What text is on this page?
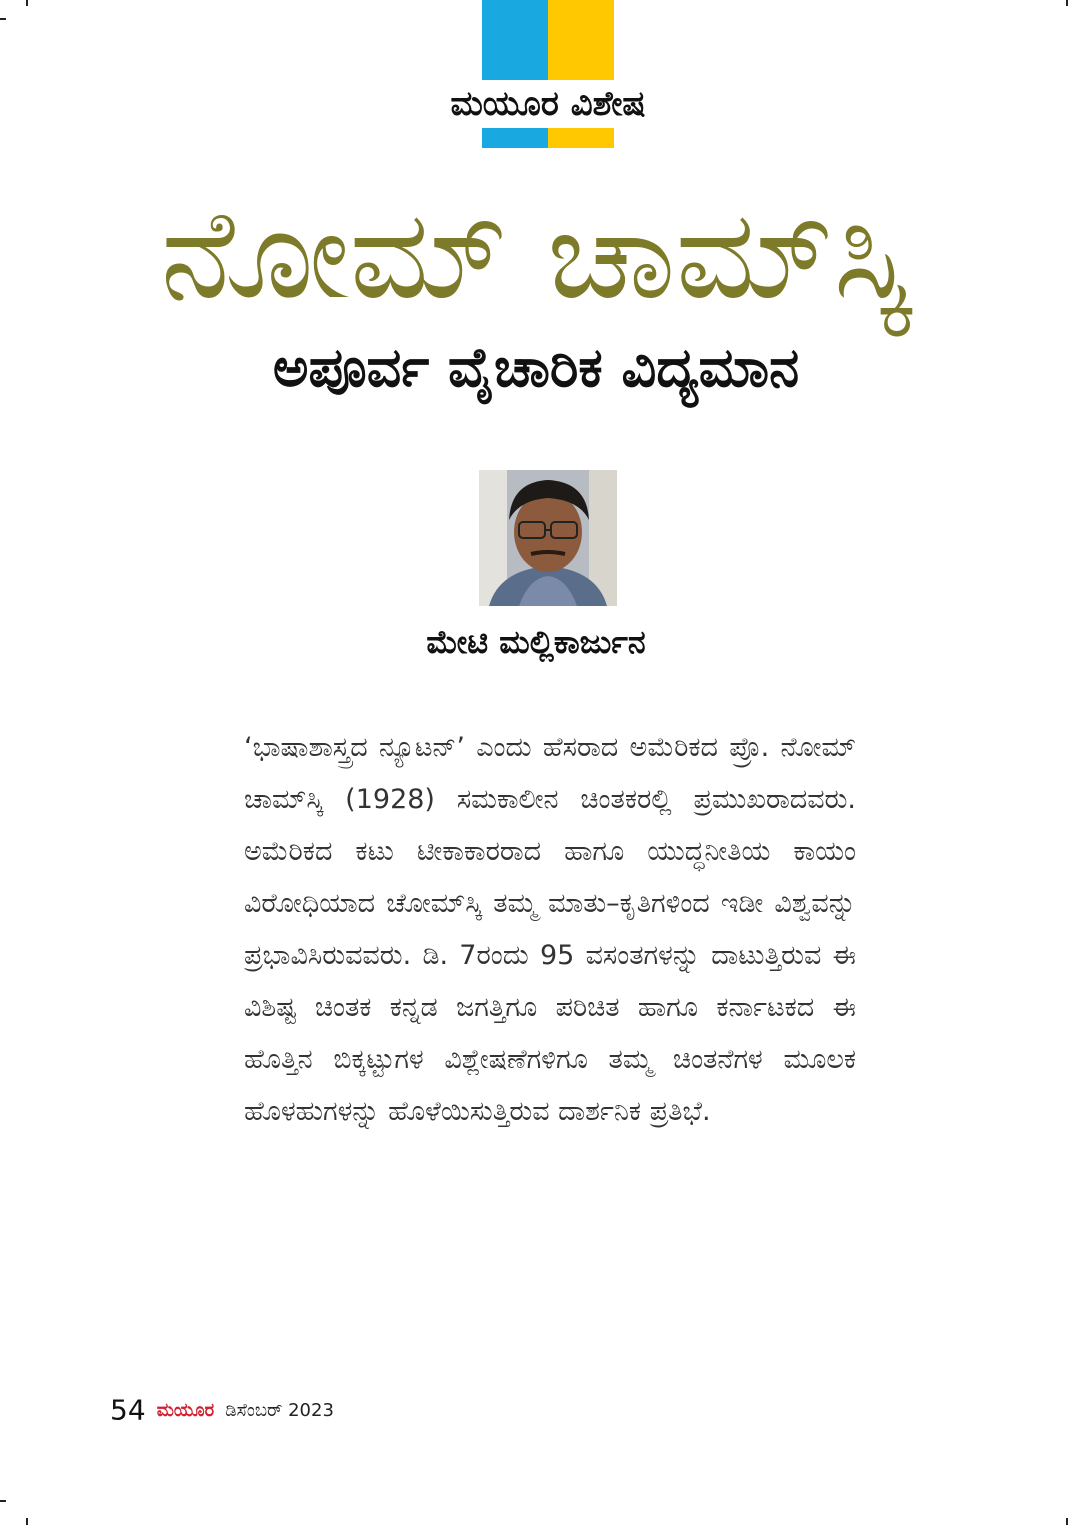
ಮಯೂರ ವಿಶೇಷ
ನೋಮ್ ಚಾಮ್‌ಸ್ಕಿ
ಅಪೂರ್ವ ವೈಚಾರಿಕ ವಿದ್ಯಮಾನ
ಮೇಟಿ ಮಲ್ಲಿಕಾರ್ಜುನ

‘ಭಾಷಾಶಾಸ್ತ್ರದ ನ್ಯೂಟನ್’ ಎಂದು ಹೆಸರಾದ ಅಮೆರಿಕದ ಪ್ರೊ. ನೋಮ್ ಚಾಮ್‌ಸ್ಕಿ (1928) ಸಮಕಾಲೀನ ಚಿಂತಕರಲ್ಲಿ ಪ್ರಮುಖರಾದವರು. ಅಮೆರಿಕದ ಕಟು ಟೀಕಾಕಾರರಾದ ಹಾಗೂ ಯುದ್ಧನೀತಿಯ ಕಾಯಂ ವಿರೋಧಿಯಾದ ಚೋಮ್‌ಸ್ಕಿ ತಮ್ಮ ಮಾತು–ಕೃತಿಗಳಿಂದ ಇಡೀ ವಿಶ್ವವನ್ನು ಪ್ರಭಾವಿಸಿರುವವರು. ಡಿ. 7ರಂದು 95 ವಸಂತಗಳನ್ನು ದಾಟುತ್ತಿರುವ ಈ ವಿಶಿಷ್ಟ ಚಿಂತಕ ಕನ್ನಡ ಜಗತ್ತಿಗೂ ಪರಿಚಿತ ಹಾಗೂ ಕರ್ನಾಟಕದ ಈ ಹೊತ್ತಿನ ಬಿಕ್ಕಟ್ಟುಗಳ ವಿಶ್ಲೇಷಣೆಗಳಿಗೂ ತಮ್ಮ ಚಿಂತನೆಗಳ ಮೂಲಕ ಹೊಳಹುಗಳನ್ನು ಹೊಳೆಯಿಸುತ್ತಿರುವ ದಾರ್ಶನಿಕ ಪ್ರತಿಭೆ.

54 ಮಯೂರ ಡಿಸೆಂಬರ್ 2023
